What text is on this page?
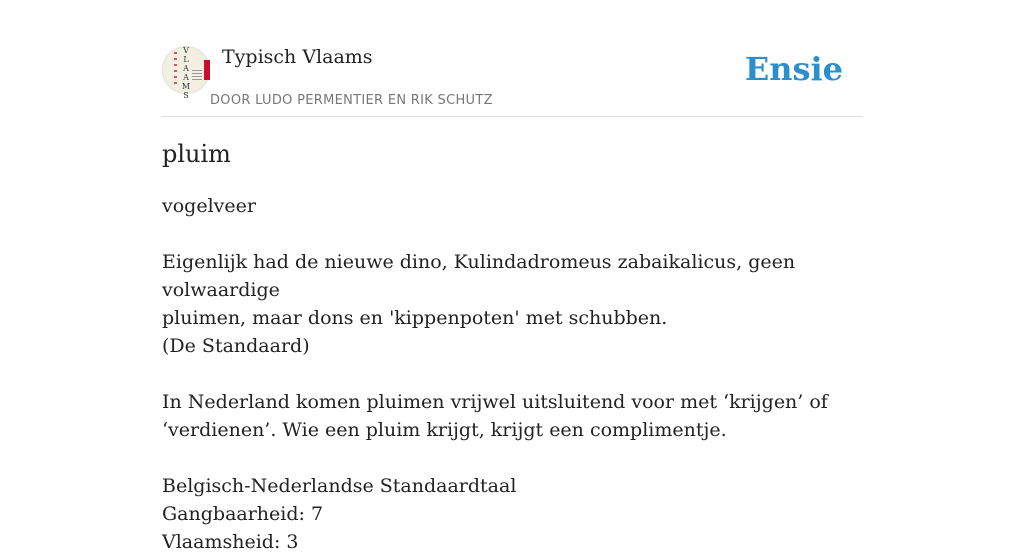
V
L
A
A
M
S
Typisch Vlaams
DOOR LUDO PERMENTIER EN RIK SCHUTZ
Ensie
pluim
vogelveer
Eigenlijk had de nieuwe dino, Kulindadromeus zabaikalicus, geen volwaardige
pluimen, maar dons en 'kippenpoten' met schubben.
(De Standaard)
In Nederland komen pluimen vrijwel uitsluitend voor met ‘krijgen’ of
‘verdienen’. Wie een pluim krijgt, krijgt een complimentje.
Belgisch-Nederlandse Standaardtaal
Gangbaarheid: 7
Vlaamsheid: 3
